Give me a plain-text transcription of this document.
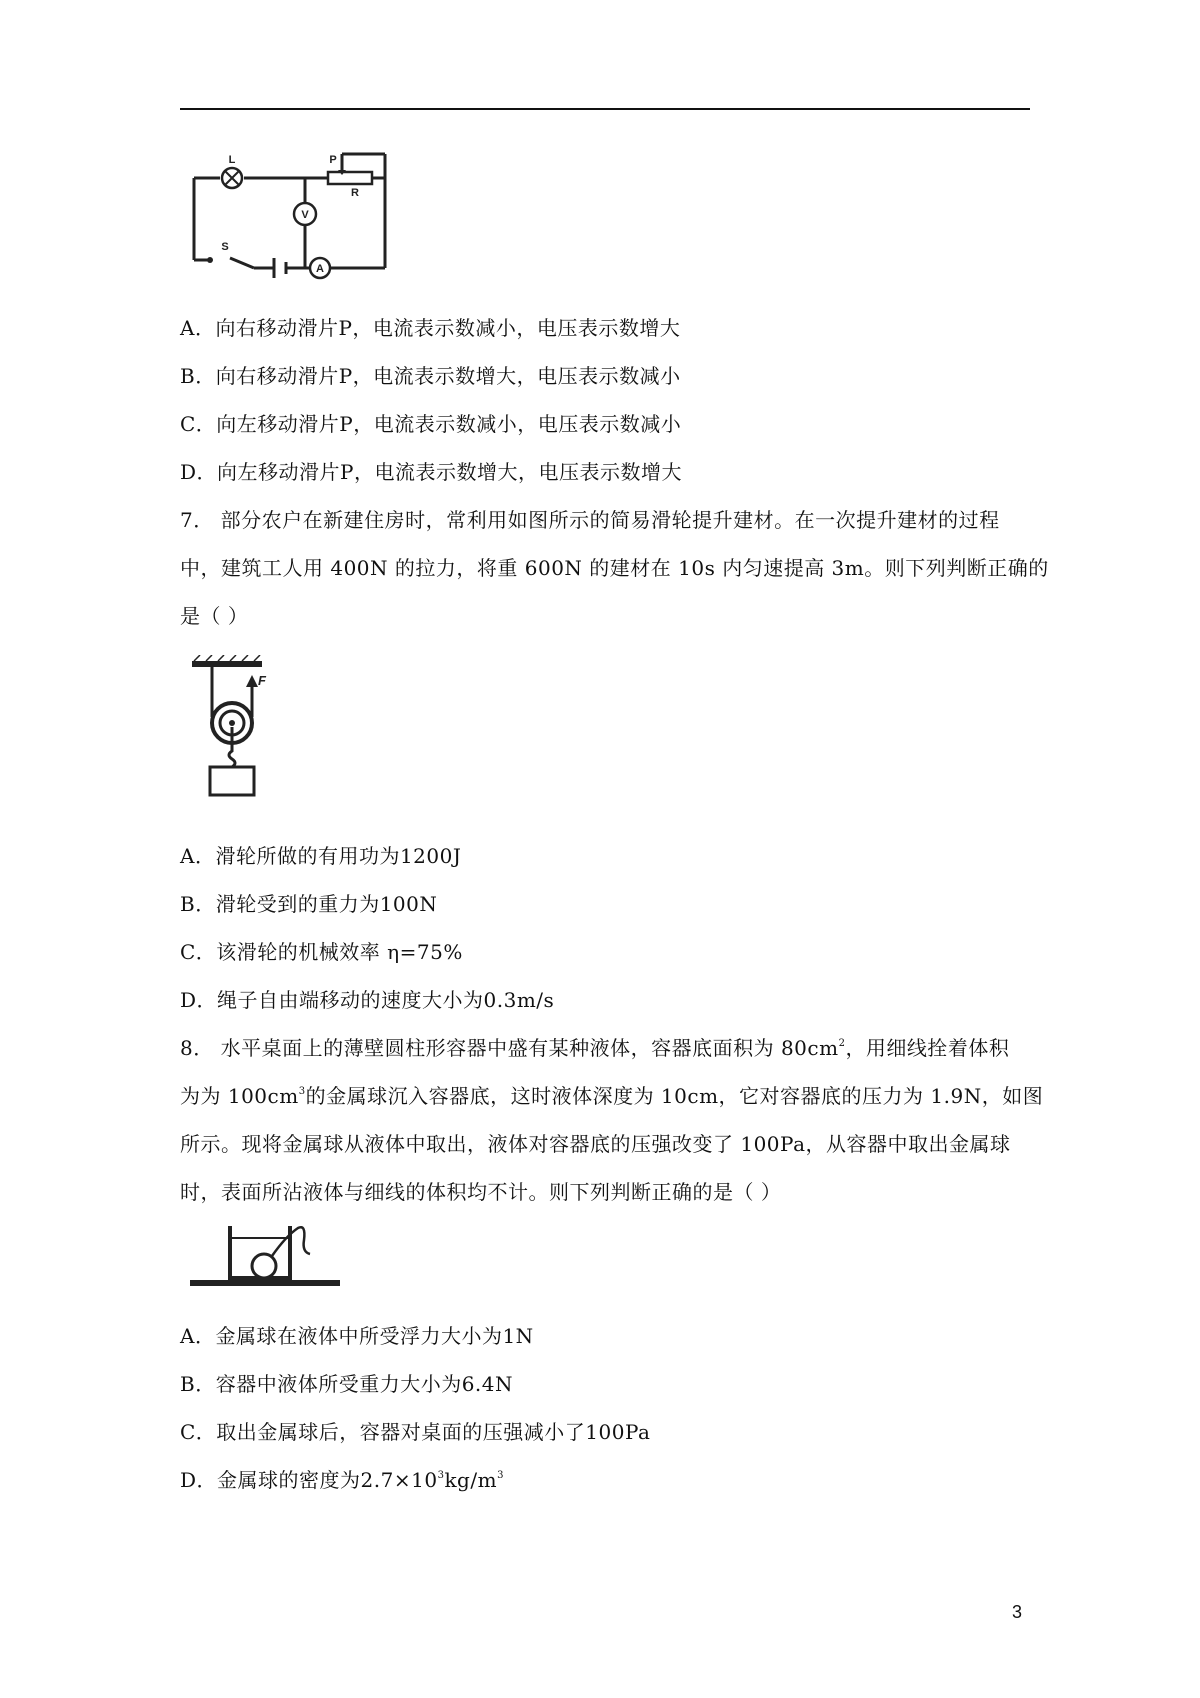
L	P
R
S
V
A
A．向右移动滑片P，电流表示数减小，电压表示数增大
B．向右移动滑片P，电流表示数增大，电压表示数减小
C．向左移动滑片P，电流表示数减小，电压表示数减小
D．向左移动滑片P，电流表示数增大，电压表示数增大
7． 部分农户在新建住房时，常利用如图所示的简易滑轮提升建材。在一次提升建材的过程
中，建筑工人用 400N 的拉力，将重 600N 的建材在 10s 内匀速提高 3m。则下列判断正确的
是（ ）
F
A．滑轮所做的有用功为1200J
B．滑轮受到的重力为100N
C．该滑轮的机械效率 η=75%
D．绳子自由端移动的速度大小为0.3m/s
8． 水平桌面上的薄壁圆柱形容器中盛有某种液体，容器底面积为 $80cm^2$，用细线拴着体积
为为 $100cm^3$的金属球沉入容器底，这时液体深度为 10cm，它对容器底的压力为 1.9N，如图
所示。现将金属球从液体中取出，液体对容器底的压强改变了 100Pa，从容器中取出金属球
时，表面所沾液体与细线的体积均不计。则下列判断正确的是（ ）
A．金属球在液体中所受浮力大小为1N
B．容器中液体所受重力大小为6.4N
C．取出金属球后，容器对桌面的压强减小了100Pa
D．金属球的密度为$2.7\times 10^3kg/m^3$
3
